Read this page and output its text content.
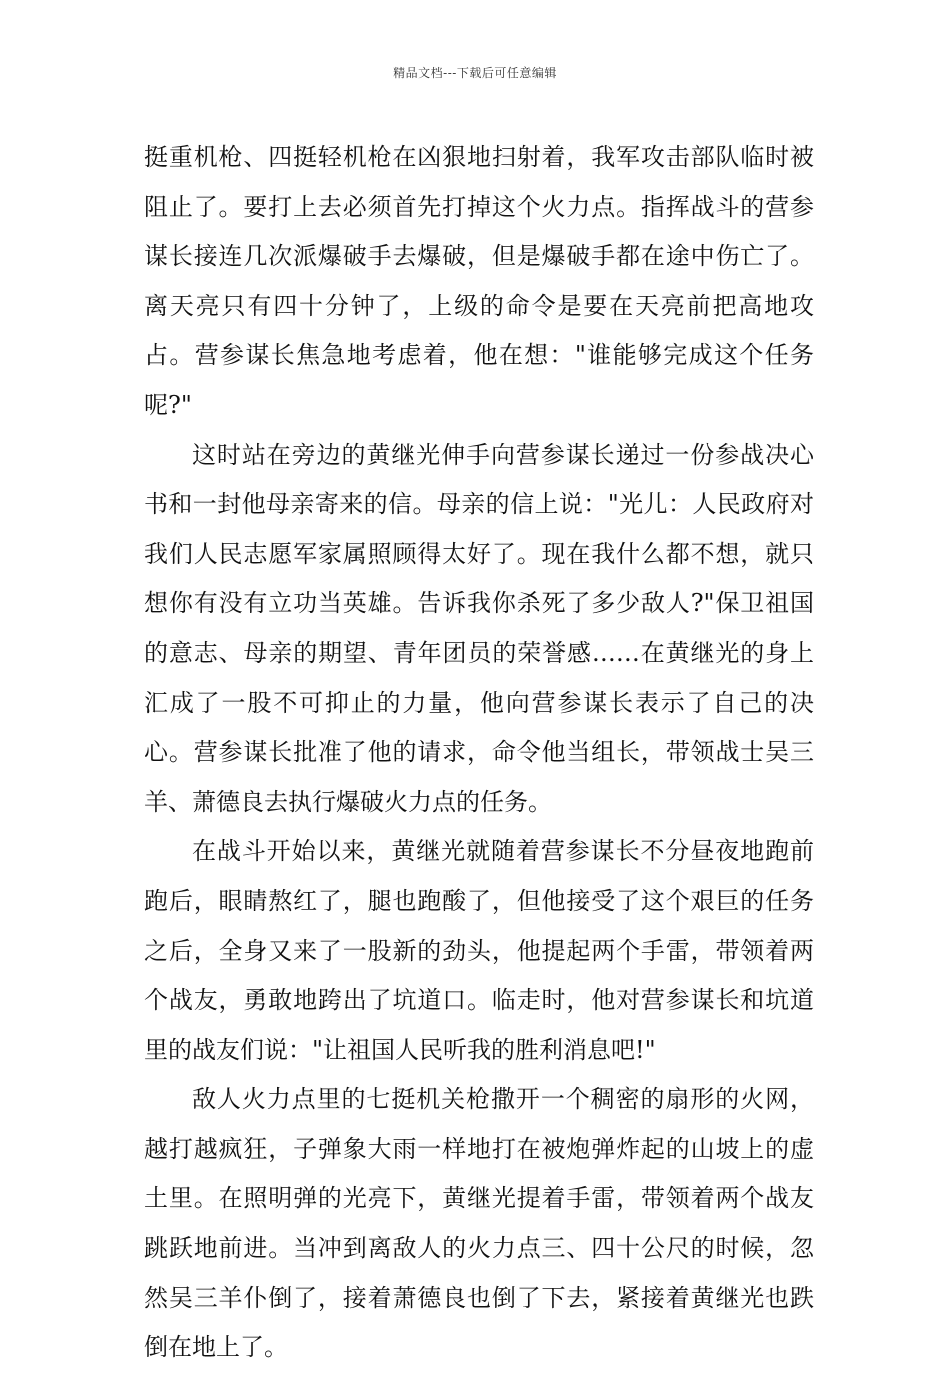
精品文档---下载后可任意编辑

挺重机枪、四挺轻机枪在凶狠地扫射着，我军攻击部队临时被阻止了。要打上去必须首先打掉这个火力点。指挥战斗的营参谋长接连几次派爆破手去爆破，但是爆破手都在途中伤亡了。离天亮只有四十分钟了，上级的命令是要在天亮前把高地攻占。营参谋长焦急地考虑着，他在想："谁能够完成这个任务呢?"

这时站在旁边的黄继光伸手向营参谋长递过一份参战决心书和一封他母亲寄来的信。母亲的信上说："光儿：人民政府对我们人民志愿军家属照顾得太好了。现在我什么都不想，就只想你有没有立功当英雄。告诉我你杀死了多少敌人?"保卫祖国的意志、母亲的期望、青年团员的荣誉感……在黄继光的身上汇成了一股不可抑止的力量，他向营参谋长表示了自己的决心。营参谋长批准了他的请求，命令他当组长，带领战士吴三羊、萧德良去执行爆破火力点的任务。

在战斗开始以来，黄继光就随着营参谋长不分昼夜地跑前跑后，眼睛熬红了，腿也跑酸了，但他接受了这个艰巨的任务之后，全身又来了一股新的劲头，他提起两个手雷，带领着两个战友，勇敢地跨出了坑道口。临走时，他对营参谋长和坑道里的战友们说："让祖国人民听我的胜利消息吧!"

敌人火力点里的七挺机关枪撒开一个稠密的扇形的火网，越打越疯狂，子弹象大雨一样地打在被炮弹炸起的山坡上的虚土里。在照明弹的光亮下，黄继光提着手雷，带领着两个战友跳跃地前进。当冲到离敌人的火力点三、四十公尺的时候，忽然吴三羊仆倒了，接着萧德良也倒了下去，紧接着黄继光也跌倒在地上了。
